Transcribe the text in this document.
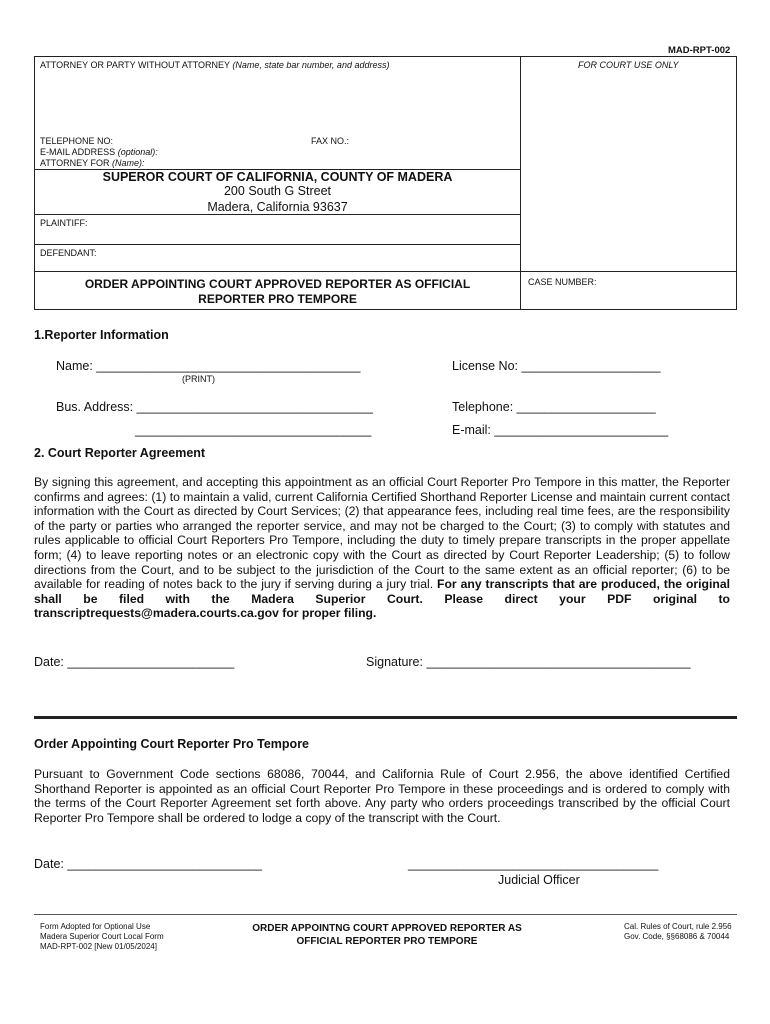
MAD-RPT-002
ATTORNEY OR PARTY WITHOUT ATTORNEY (Name, state bar number, and address)	FOR COURT USE ONLY
TELEPHONE NO:	FAX NO.:
E-MAIL ADDRESS (optional):
ATTORNEY FOR (Name):
SUPEROR COURT OF CALIFORNIA, COUNTY OF MADERA
200 South G Street
Madera, California 93637
PLAINTIFF:
DEFENDANT:
ORDER APPOINTING COURT APPROVED REPORTER AS OFFICIAL
REPORTER PRO TEMPORE
CASE NUMBER:
1.Reporter Information
Name: ______________________________________
(PRINT)
License No: ____________________
Bus. Address: __________________________________
__________________________________
Telephone: ____________________
E-mail: _________________________
2. Court Reporter Agreement
By signing this agreement, and accepting this appointment as an official Court Reporter Pro Tempore in this matter, the Reporter confirms and agrees: (1) to maintain a valid, current California Certified Shorthand Reporter License and maintain current contact information with the Court as directed by Court Services; (2) that appearance fees, including real time fees, are the responsibility of the party or parties who arranged the reporter service, and may not be charged to the Court; (3) to comply with statutes and rules applicable to official Court Reporters Pro Tempore, including the duty to timely prepare transcripts in the proper appellate form; (4) to leave reporting notes or an electronic copy with the Court as directed by Court Reporter Leadership; (5) to follow directions from the Court, and to be subject to the jurisdiction of the Court to the same extent as an official reporter; (6) to be available for reading of notes back to the jury if serving during a jury trial. For any transcripts that are produced, the original shall be filed with the Madera Superior Court. Please direct your PDF original to transcriptrequests@madera.courts.ca.gov for proper filing.
Date: ________________________	Signature: ______________________________________
Order Appointing Court Reporter Pro Tempore
Pursuant to Government Code sections 68086, 70044, and California Rule of Court 2.956, the above identified Certified Shorthand Reporter is appointed as an official Court Reporter Pro Tempore in these proceedings and is ordered to comply with the terms of the Court Reporter Agreement set forth above. Any party who orders proceedings transcribed by the official Court Reporter Pro Tempore shall be ordered to lodge a copy of the transcript with the Court.
Date: ____________________________	____________________________________
Judicial Officer
Form Adopted for Optional Use
Madera Superior Court Local Form
MAD-RPT-002 [New 01/05/2024]
ORDER APPOINTNG COURT APPROVED REPORTER AS
OFFICIAL REPORTER PRO TEMPORE
Cal. Rules of Court, rule 2.956
Gov. Code, §§68086 & 70044
